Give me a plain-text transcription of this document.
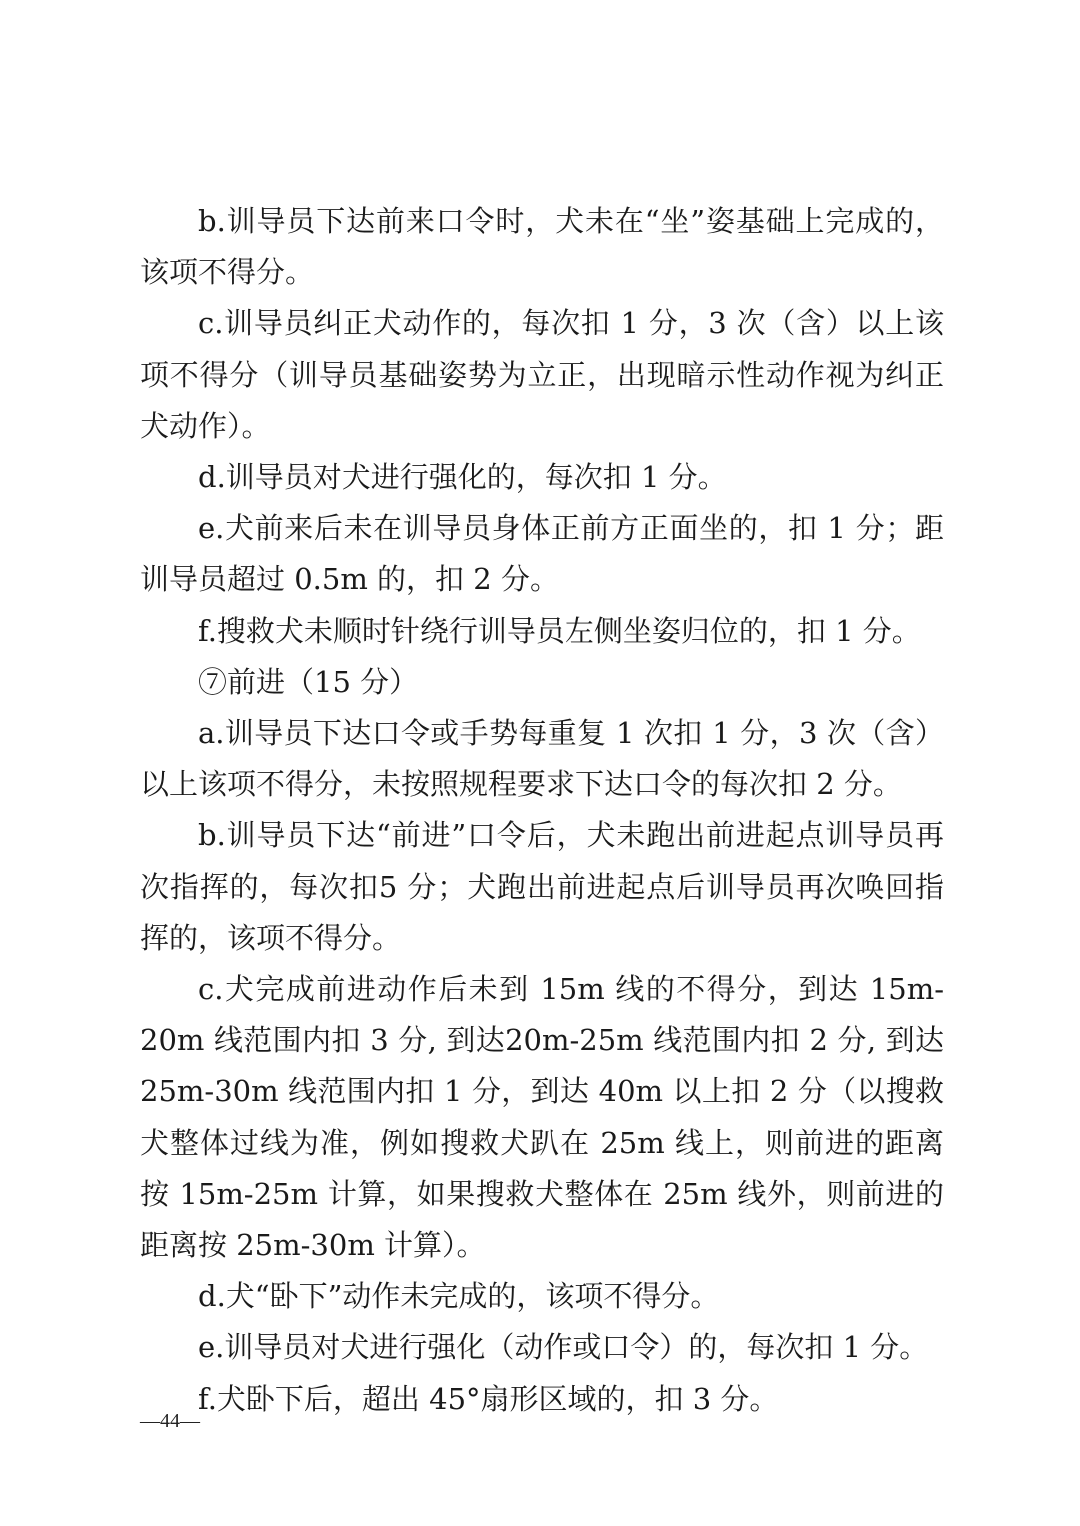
b.训导员下达前来口令时，犬未在“坐”姿基础上完成的，该项不得分。

c.训导员纠正犬动作的，每次扣 1 分，3 次（含）以上该项不得分（训导员基础姿势为立正，出现暗示性动作视为纠正犬动作）。

d.训导员对犬进行强化的，每次扣 1 分。

e.犬前来后未在训导员身体正前方正面坐的，扣 1 分；距训导员超过 0.5m 的，扣 2 分。

f.搜救犬未顺时针绕行训导员左侧坐姿归位的，扣 1 分。

⑦前进（15 分）

a.训导员下达口令或手势每重复 1 次扣 1 分，3 次（含）以上该项不得分，未按照规程要求下达口令的每次扣 2 分。

b.训导员下达“前进”口令后，犬未跑出前进起点训导员再次指挥的，每次扣5 分；犬跑出前进起点后训导员再次唤回指挥的，该项不得分。

c.犬完成前进动作后未到 15m 线的不得分，到达 15m-20m 线范围内扣 3 分, 到达20m-25m 线范围内扣 2 分, 到达25m-30m 线范围内扣 1 分，到达 40m 以上扣 2 分（以搜救犬整体过线为准，例如搜救犬趴在 25m 线上，则前进的距离按 15m-25m 计算，如果搜救犬整体在 25m 线外，则前进的距离按 25m-30m 计算）。

d.犬“卧下”动作未完成的，该项不得分。

e.训导员对犬进行强化（动作或口令）的，每次扣 1 分。

f.犬卧下后，超出 45°扇形区域的，扣 3 分。

—44—
